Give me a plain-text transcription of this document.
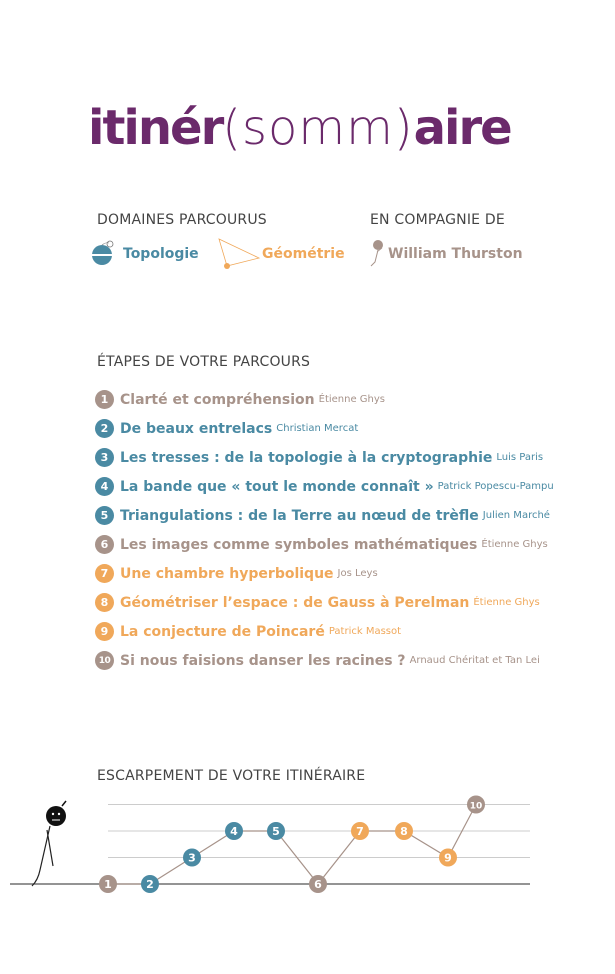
itinér(somm)aire
DOMAINES PARCOURUS	EN COMPAGNIE DE
Topologie	Géométrie	William Thurston
ÉTAPES DE VOTRE PARCOURS
1 Clarté et compréhension Étienne Ghys
2 De beaux entrelacs Christian Mercat
3 Les tresses : de la topologie à la cryptographie Luis Paris
4 La bande que « tout le monde connaît » Patrick Popescu-Pampu
5 Triangulations : de la Terre au nœud de trèfle Julien Marché
6 Les images comme symboles mathématiques Étienne Ghys
7 Une chambre hyperbolique Jos Leys
8 Géométriser l’espace : de Gauss à Perelman Étienne Ghys
9 La conjecture de Poincaré Patrick Massot
10 Si nous faisions danser les racines ? Arnaud Chéritat et Tan Lei
ESCARPEMENT DE VOTRE ITINÉRAIRE
1	2
3
4	5
6
7	8
9
10
